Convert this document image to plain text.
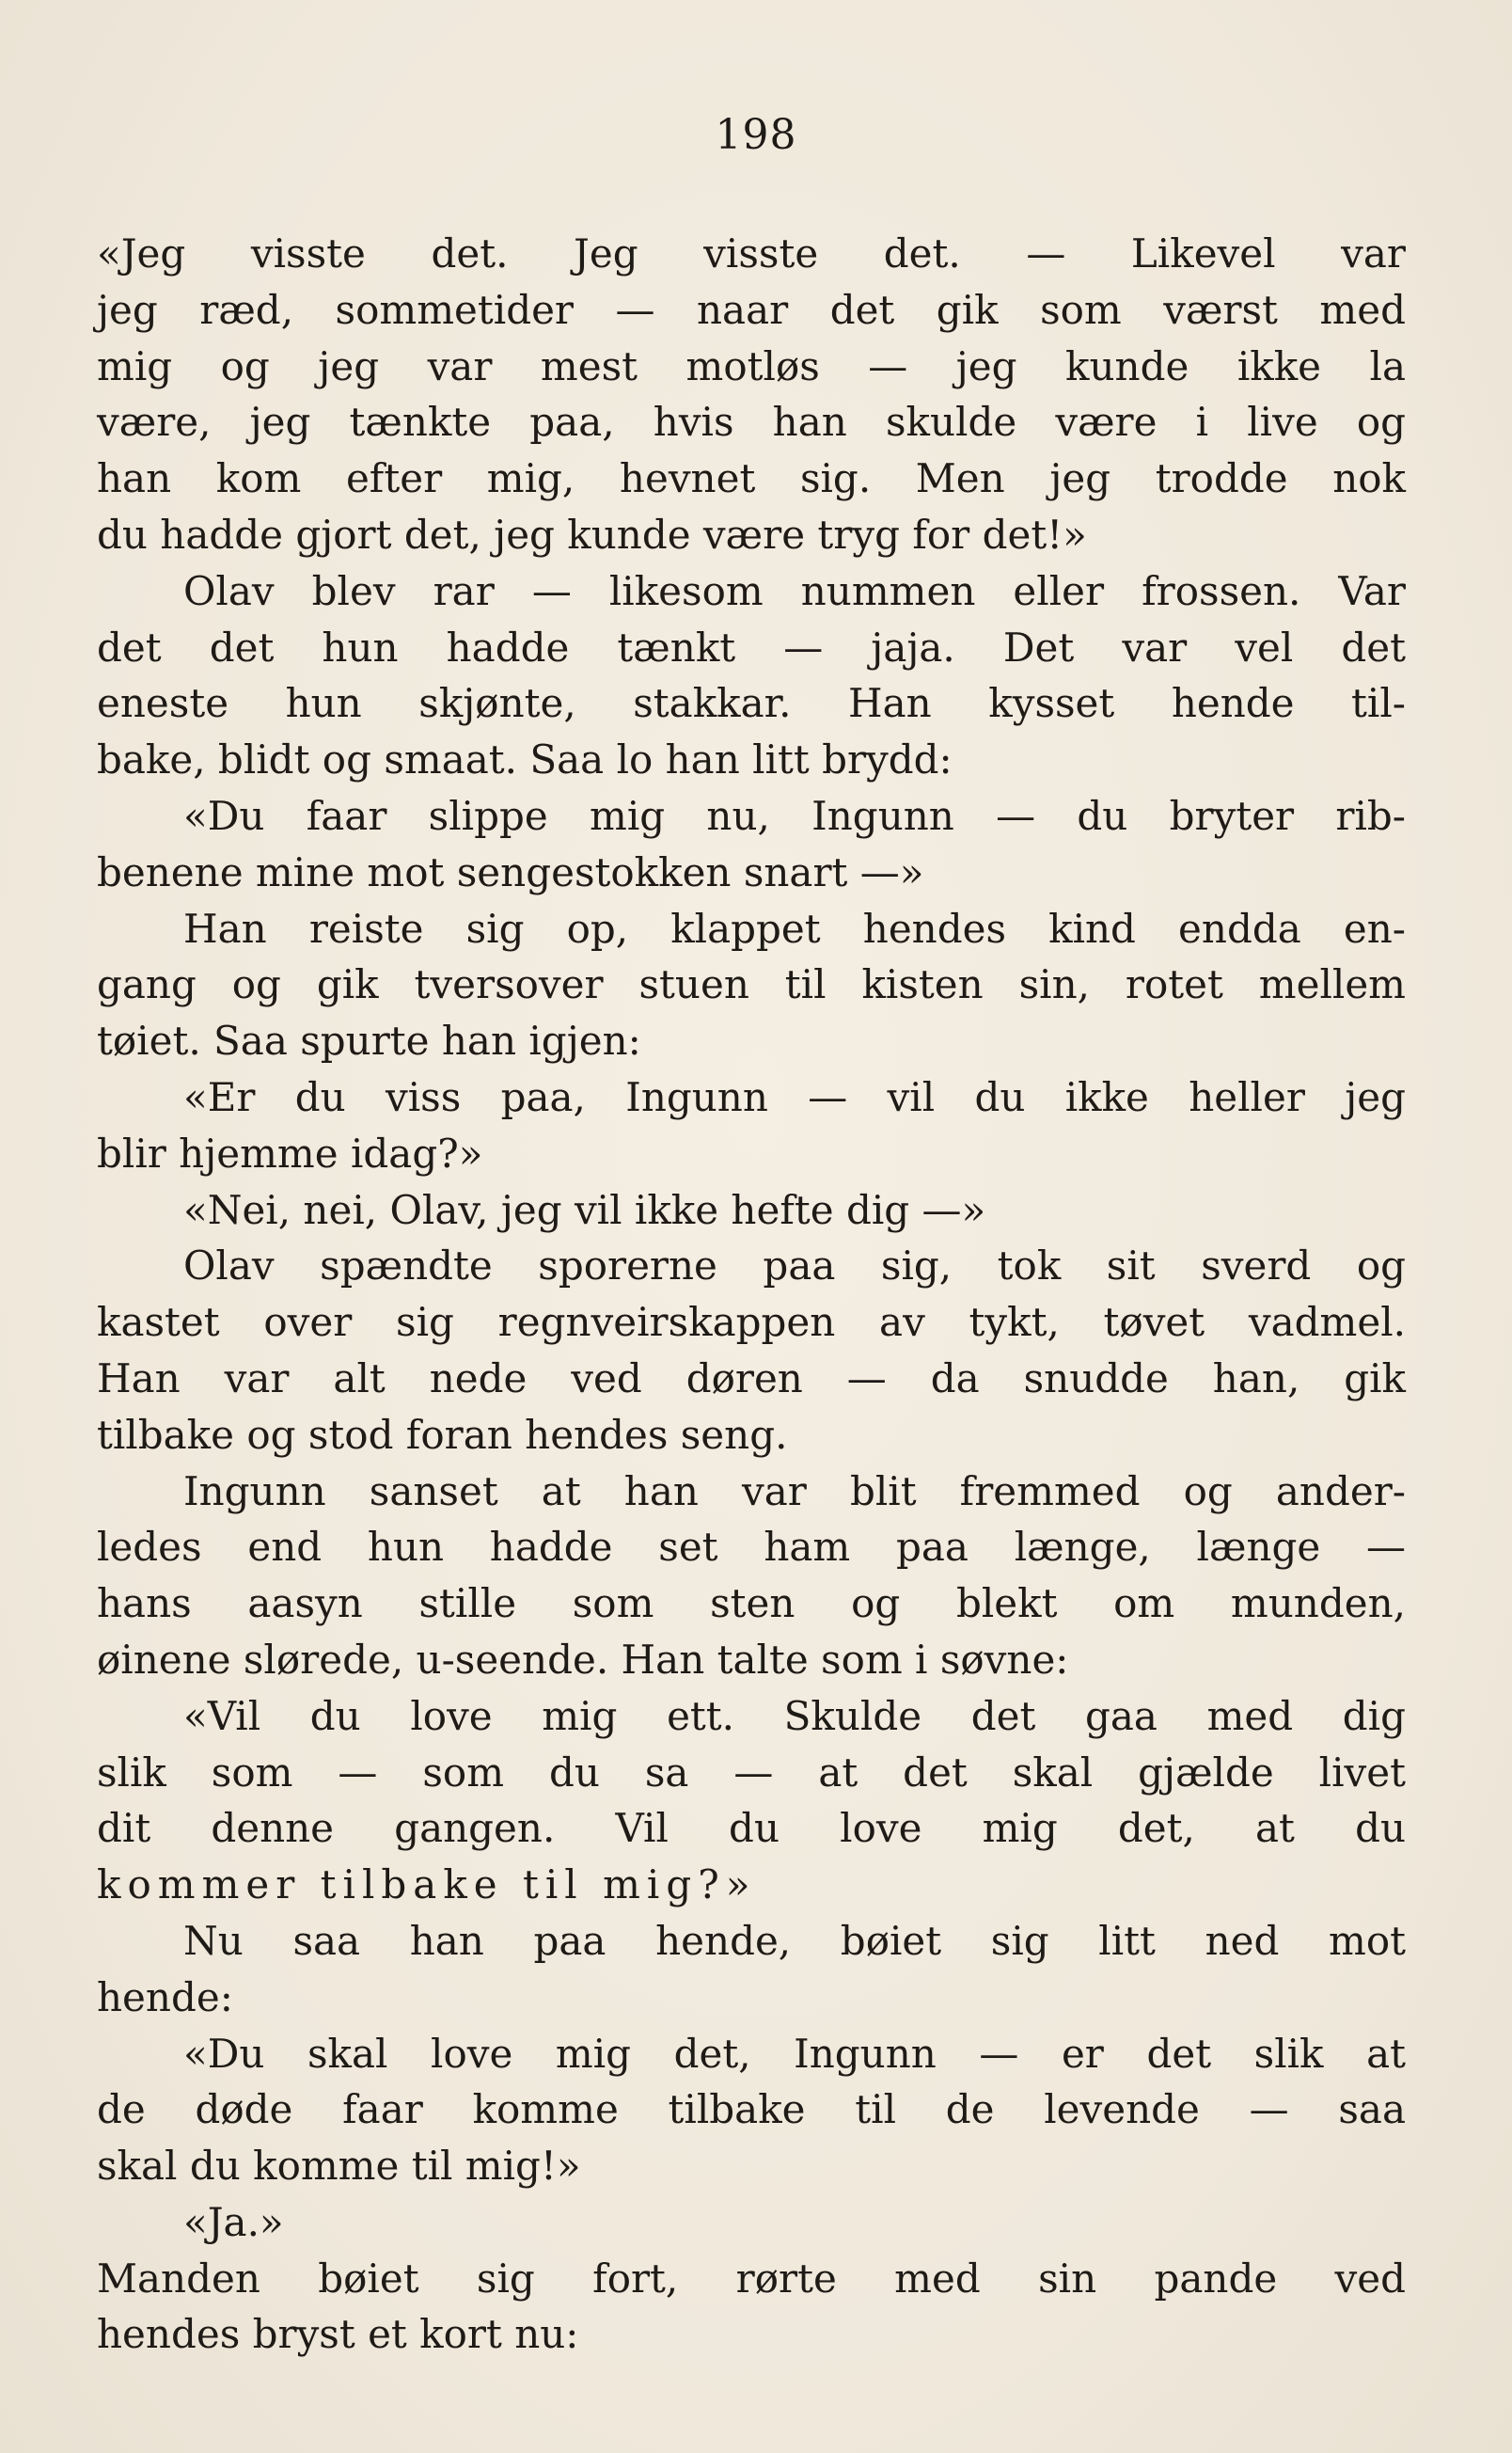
198
«Jeg visste det. Jeg visste det. — Likevel var
jeg ræd, sommetider — naar det gik som værst med
mig og jeg var mest motløs — jeg kunde ikke la
være, jeg tænkte paa, hvis han skulde være i live og
han kom efter mig, hevnet sig. Men jeg trodde nok
du hadde gjort det, jeg kunde være tryg for det!»
Olav blev rar — likesom nummen eller frossen. Var
det det hun hadde tænkt — jaja. Det var vel det
eneste hun skjønte, stakkar. Han kysset hende til-
bake, blidt og smaat. Saa lo han litt brydd:
«Du faar slippe mig nu, Ingunn — du bryter rib-
benene mine mot sengestokken snart —»
Han reiste sig op, klappet hendes kind endda en-
gang og gik tversover stuen til kisten sin, rotet mellem
tøiet. Saa spurte han igjen:
«Er du viss paa, Ingunn — vil du ikke heller jeg
blir hjemme idag?»
«Nei, nei, Olav, jeg vil ikke hefte dig —»
Olav spændte sporerne paa sig, tok sit sverd og
kastet over sig regnveirskappen av tykt, tøvet vadmel.
Han var alt nede ved døren — da snudde han, gik
tilbake og stod foran hendes seng.
Ingunn sanset at han var blit fremmed og ander-
ledes end hun hadde set ham paa længe, længe —
hans aasyn stille som sten og blekt om munden,
øinene slørede, u-seende. Han talte som i søvne:
«Vil du love mig ett. Skulde det gaa med dig
slik som — som du sa — at det skal gjælde livet
dit denne gangen. Vil du love mig det, at du
kommer tilbake til mig?»
Nu saa han paa hende, bøiet sig litt ned mot
hende:
«Du skal love mig det, Ingunn — er det slik at
de døde faar komme tilbake til de levende — saa
skal du komme til mig!»
«Ja.»
Manden bøiet sig fort, rørte med sin pande ved
hendes bryst et kort nu:
